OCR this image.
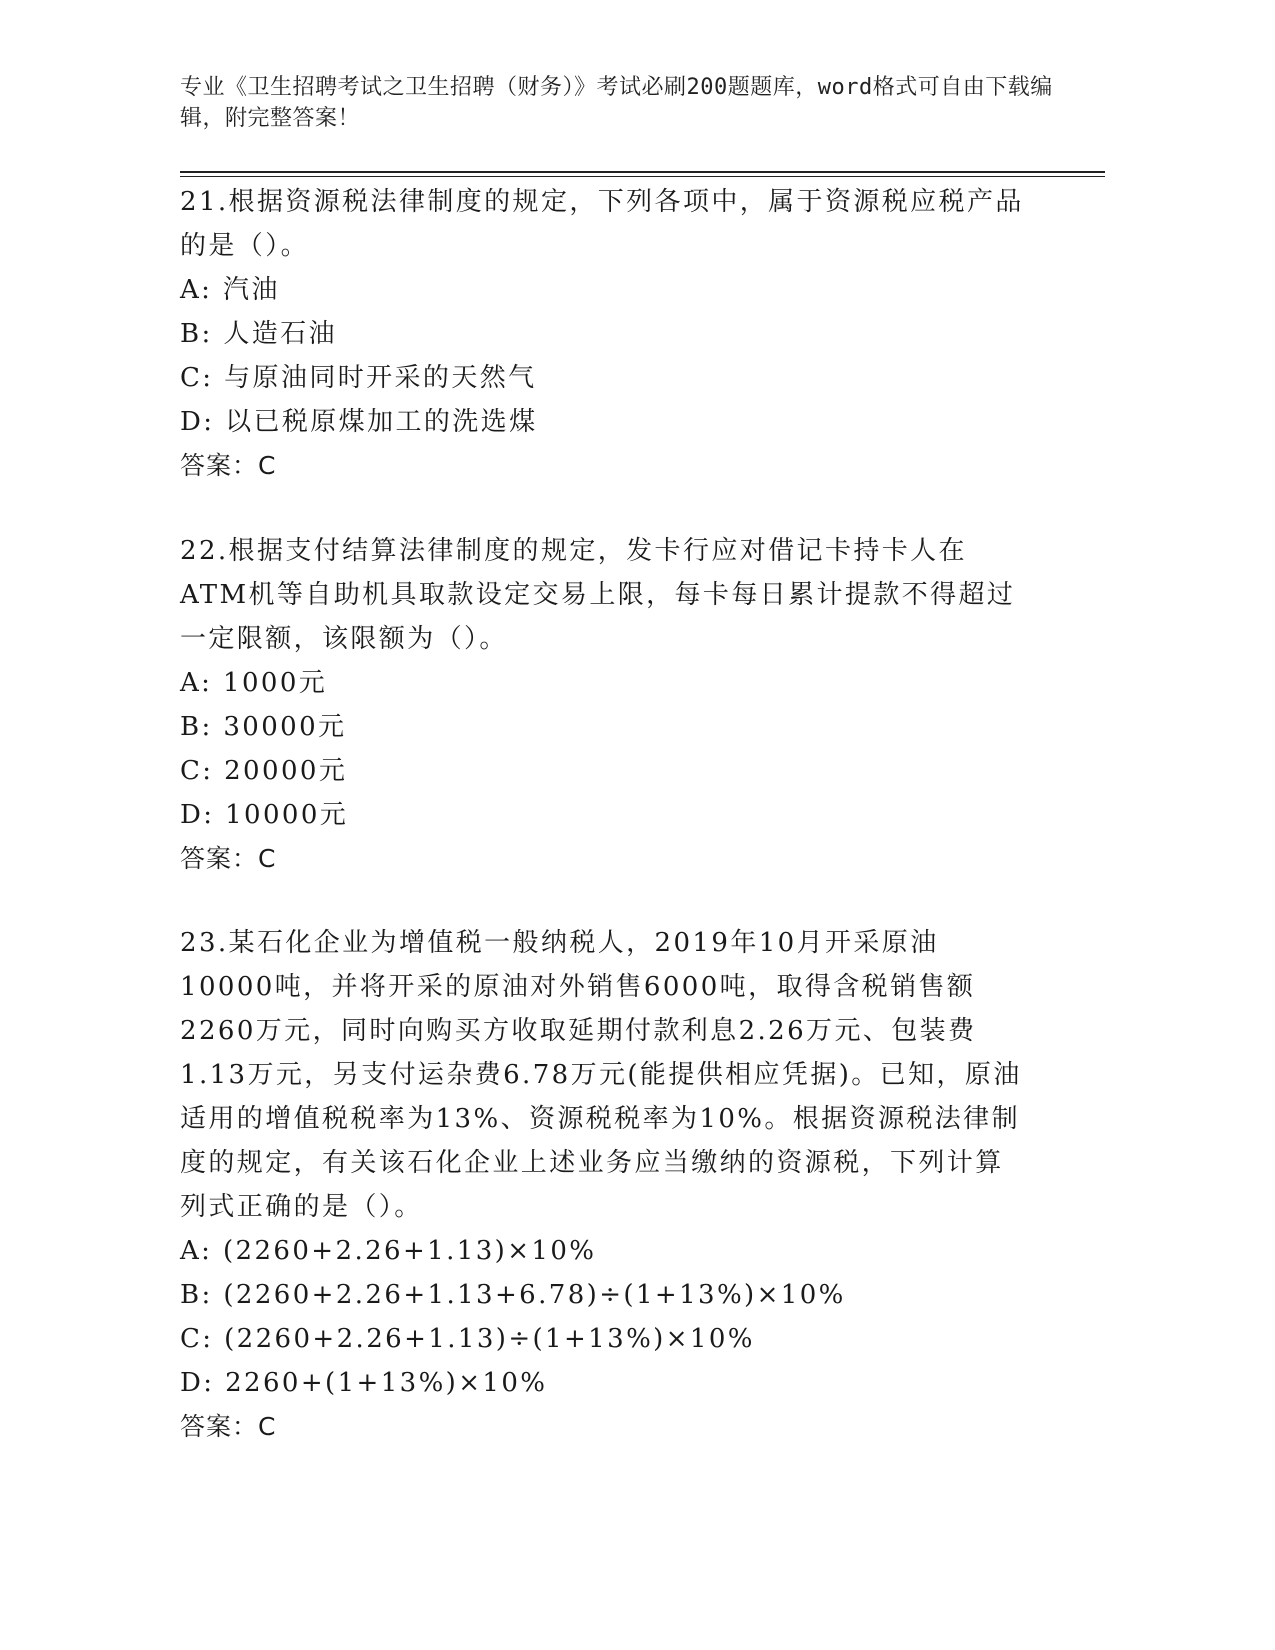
专业《卫生招聘考试之卫生招聘（财务）》考试必刷200题题库，word格式可自由下载编辑，附完整答案！

21.根据资源税法律制度的规定，下列各项中，属于资源税应税产品的是（）。

A: 汽油

B: 人造石油

C: 与原油同时开采的天然气

D: 以已税原煤加工的洗选煤

答案：C

22.根据支付结算法律制度的规定，发卡行应对借记卡持卡人在ATM机等自助机具取款设定交易上限，每卡每日累计提款不得超过一定限额，该限额为（）。

A: 1000元

B: 30000元

C: 20000元

D: 10000元

答案：C

23.某石化企业为增值税一般纳税人，2019年10月开采原油10000吨，并将开采的原油对外销售6000吨，取得含税销售额2260万元，同时向购买方收取延期付款利息2.26万元、包装费1.13万元，另支付运杂费6.78万元(能提供相应凭据)。已知，原油适用的增值税税率为13%、资源税税率为10%。根据资源税法律制度的规定，有关该石化企业上述业务应当缴纳的资源税，下列计算列式正确的是（）。

A: (2260+2.26+1.13)×10%

B: (2260+2.26+1.13+6.78)÷(1+13%)×10%

C: (2260+2.26+1.13)÷(1+13%)×10%

D: 2260+(1+13%)×10%

答案：C
